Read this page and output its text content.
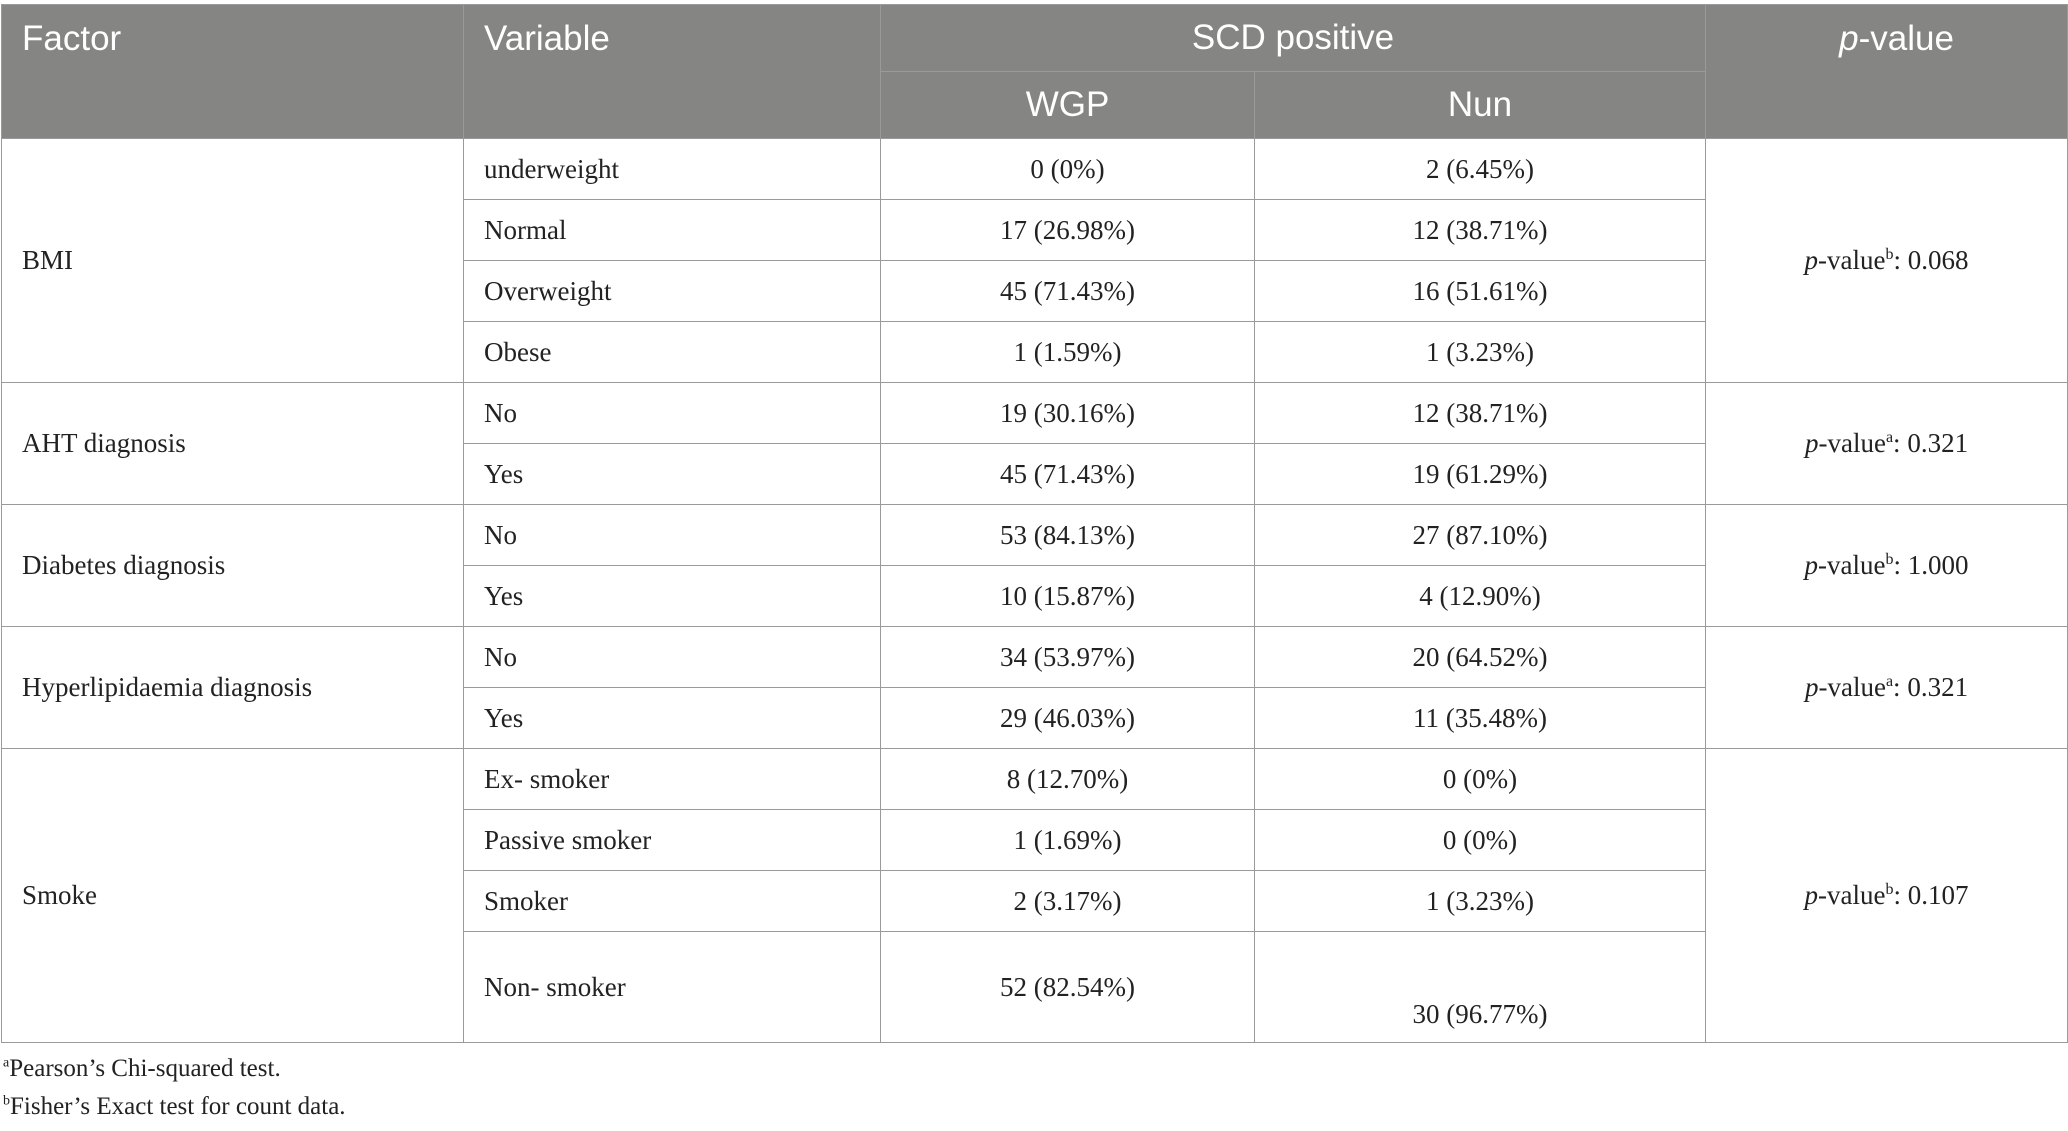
Factor	Variable	SCD positive		p-value
		WGP	Nun	
BMI	underweight	0 (0%)	2 (6.45%)	p-value$^b$: 0.068
	Normal	17 (26.98%)	12 (38.71%)	
	Overweight	45 (71.43%)	16 (51.61%)	
	Obese	1 (1.59%)	1 (3.23%)	
AHT diagnosis	No	19 (30.16%)	12 (38.71%)	p-value$^a$: 0.321
	Yes	45 (71.43%)	19 (61.29%)	
Diabetes diagnosis	No	53 (84.13%)	27 (87.10%)	p-value$^b$: 1.000
	Yes	10 (15.87%)	4 (12.90%)	
Hyperlipidaemia diagnosis	No	34 (53.97%)	20 (64.52%)	p-value$^a$: 0.321
	Yes	29 (46.03%)	11 (35.48%)	
Smoke	Ex- smoker	8 (12.70%)	0 (0%)	p-value$^b$: 0.107
	Passive smoker	1 (1.69%)	0 (0%)	
	Smoker	2 (3.17%)	1 (3.23%)	
	Non- smoker	52 (82.54%)	30 (96.77%)	
$^a$Pearson’s Chi-squared test.
$^b$Fisher’s Exact test for count data.
